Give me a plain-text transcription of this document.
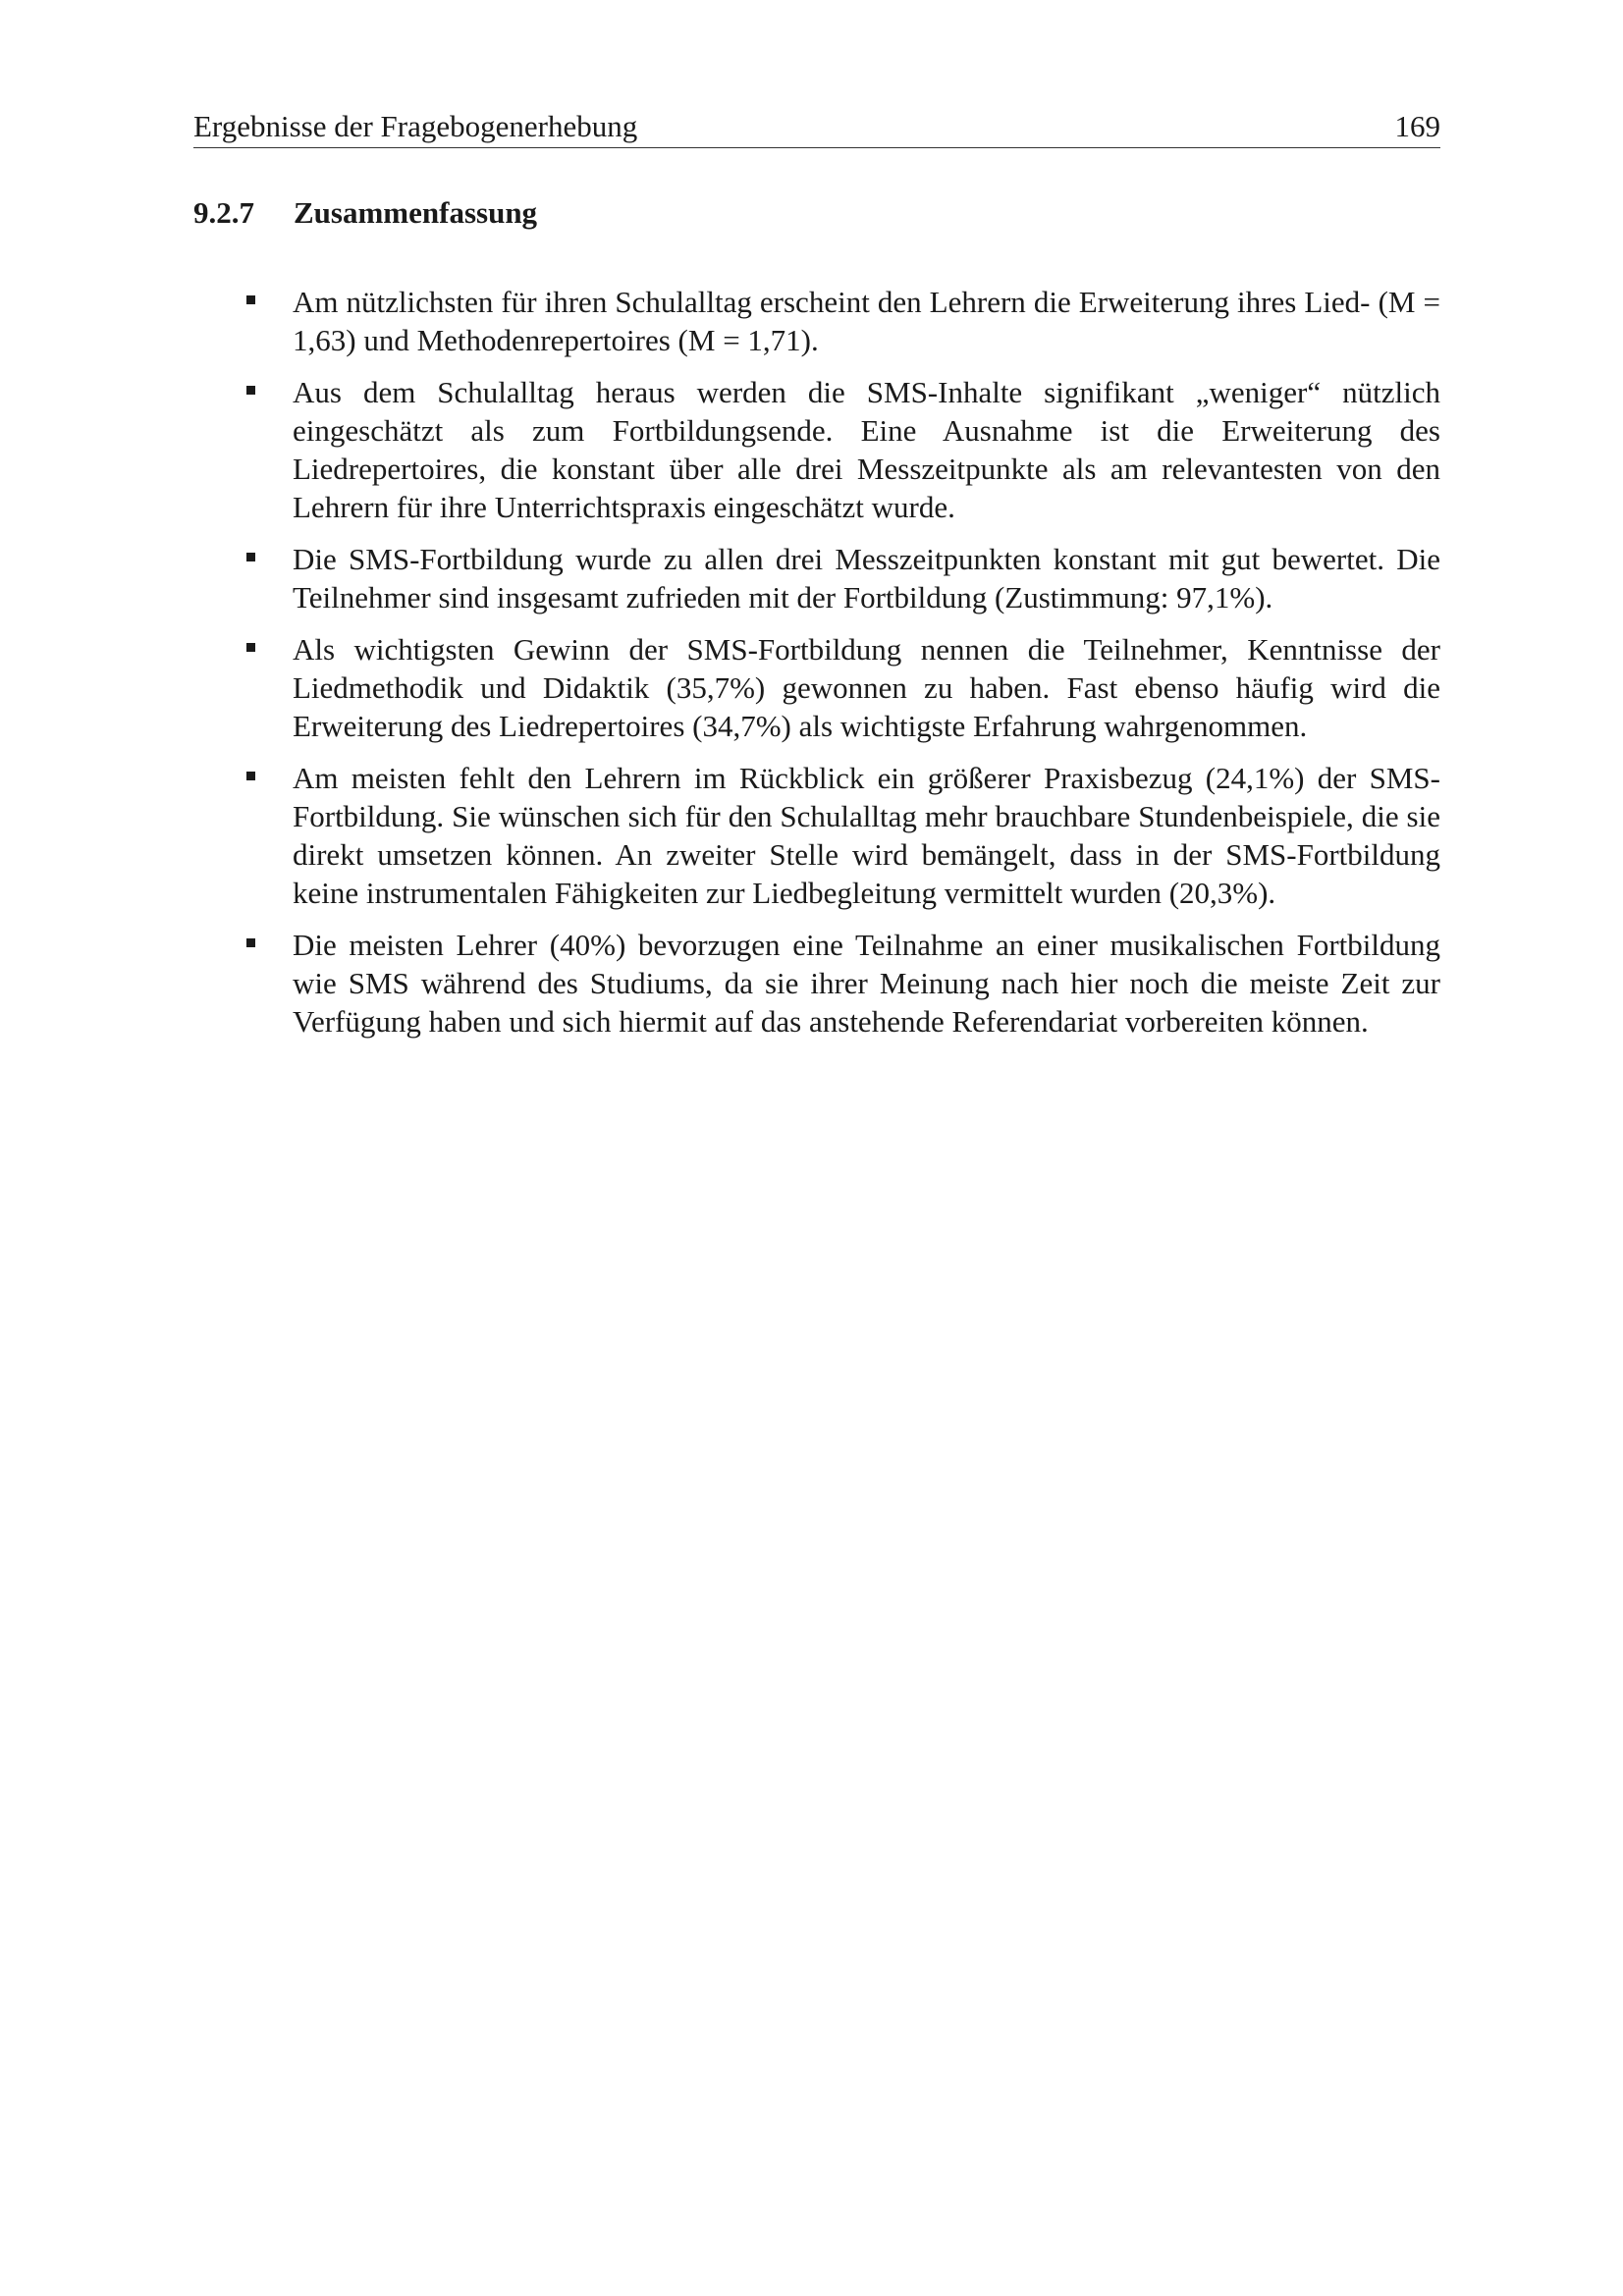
Ergebnisse der Fragebogenerhebung	169
9.2.7 Zusammenfassung
Am nützlichsten für ihren Schulalltag erscheint den Lehrern die Erweiterung ihres Lied- (M = 1,63) und Methodenrepertoires (M = 1,71).
Aus dem Schulalltag heraus werden die SMS-Inhalte signifikant „weniger“ nützlich eingeschätzt als zum Fortbildungsende. Eine Ausnahme ist die Erweiterung des Liedrepertoires, die konstant über alle drei Messzeitpunkte als am relevantesten von den Lehrern für ihre Unterrichtspraxis eingeschätzt wurde.
Die SMS-Fortbildung wurde zu allen drei Messzeitpunkten konstant mit gut bewertet. Die Teilnehmer sind insgesamt zufrieden mit der Fortbildung (Zustimmung: 97,1%).
Als wichtigsten Gewinn der SMS-Fortbildung nennen die Teilnehmer, Kenntnisse der Liedmethodik und Didaktik (35,7%) gewonnen zu haben. Fast ebenso häufig wird die Erweiterung des Liedrepertoires (34,7%) als wichtigste Erfahrung wahrgenommen.
Am meisten fehlt den Lehrern im Rückblick ein größerer Praxisbezug (24,1%) der SMS-Fortbildung. Sie wünschen sich für den Schulalltag mehr brauchbare Stundenbeispiele, die sie direkt umsetzen können. An zweiter Stelle wird bemängelt, dass in der SMS-Fortbildung keine instrumentalen Fähigkeiten zur Liedbegleitung vermittelt wurden (20,3%).
Die meisten Lehrer (40%) bevorzugen eine Teilnahme an einer musikalischen Fortbildung wie SMS während des Studiums, da sie ihrer Meinung nach hier noch die meiste Zeit zur Verfügung haben und sich hiermit auf das anstehende Referendariat vorbereiten können.
